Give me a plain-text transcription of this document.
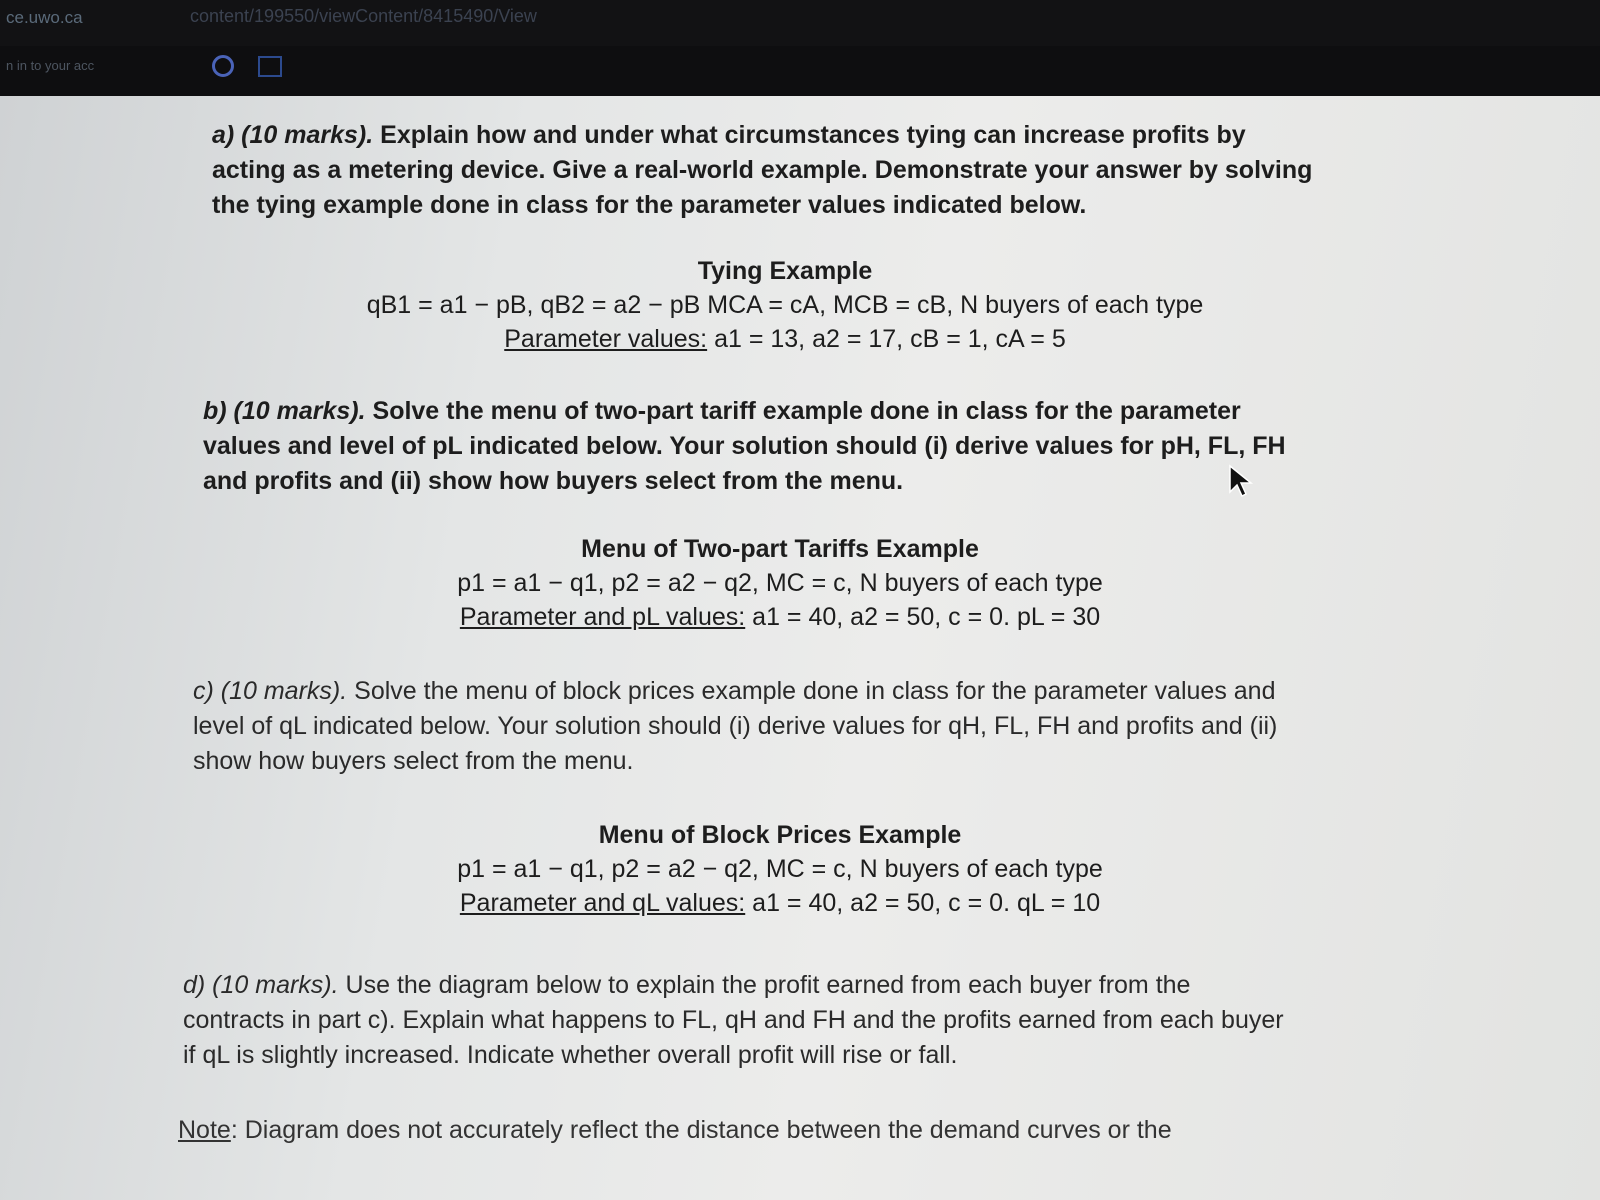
ce.uwo.ca	content/199550/viewContent/8415490/View
n in to your acc
a) (10 marks). Explain how and under what circumstances tying can increase profits by acting as a metering device. Give a real-world example. Demonstrate your answer by solving the tying example done in class for the parameter values indicated below.
Tying Example
qB1 = a1 − pB, qB2 = a2 − pB MCA = cA, MCB = cB, N buyers of each type
Parameter values: a1 = 13, a2 = 17, cB = 1, cA = 5
b) (10 marks). Solve the menu of two-part tariff example done in class for the parameter values and level of pL indicated below. Your solution should (i) derive values for pH, FL, FH and profits and (ii) show how buyers select from the menu.
Menu of Two-part Tariffs Example
p1 = a1 − q1, p2 = a2 − q2, MC = c, N buyers of each type
Parameter and pL values: a1 = 40, a2 = 50, c = 0. pL = 30
c) (10 marks). Solve the menu of block prices example done in class for the parameter values and level of qL indicated below. Your solution should (i) derive values for qH, FL, FH and profits and (ii) show how buyers select from the menu.
Menu of Block Prices Example
p1 = a1 − q1, p2 = a2 − q2, MC = c, N buyers of each type
Parameter and qL values: a1 = 40, a2 = 50, c = 0. qL = 10
d) (10 marks). Use the diagram below to explain the profit earned from each buyer from the contracts in part c). Explain what happens to FL, qH and FH and the profits earned from each buyer if qL is slightly increased. Indicate whether overall profit will rise or fall.
Note: Diagram does not accurately reflect the distance between the demand curves or the
